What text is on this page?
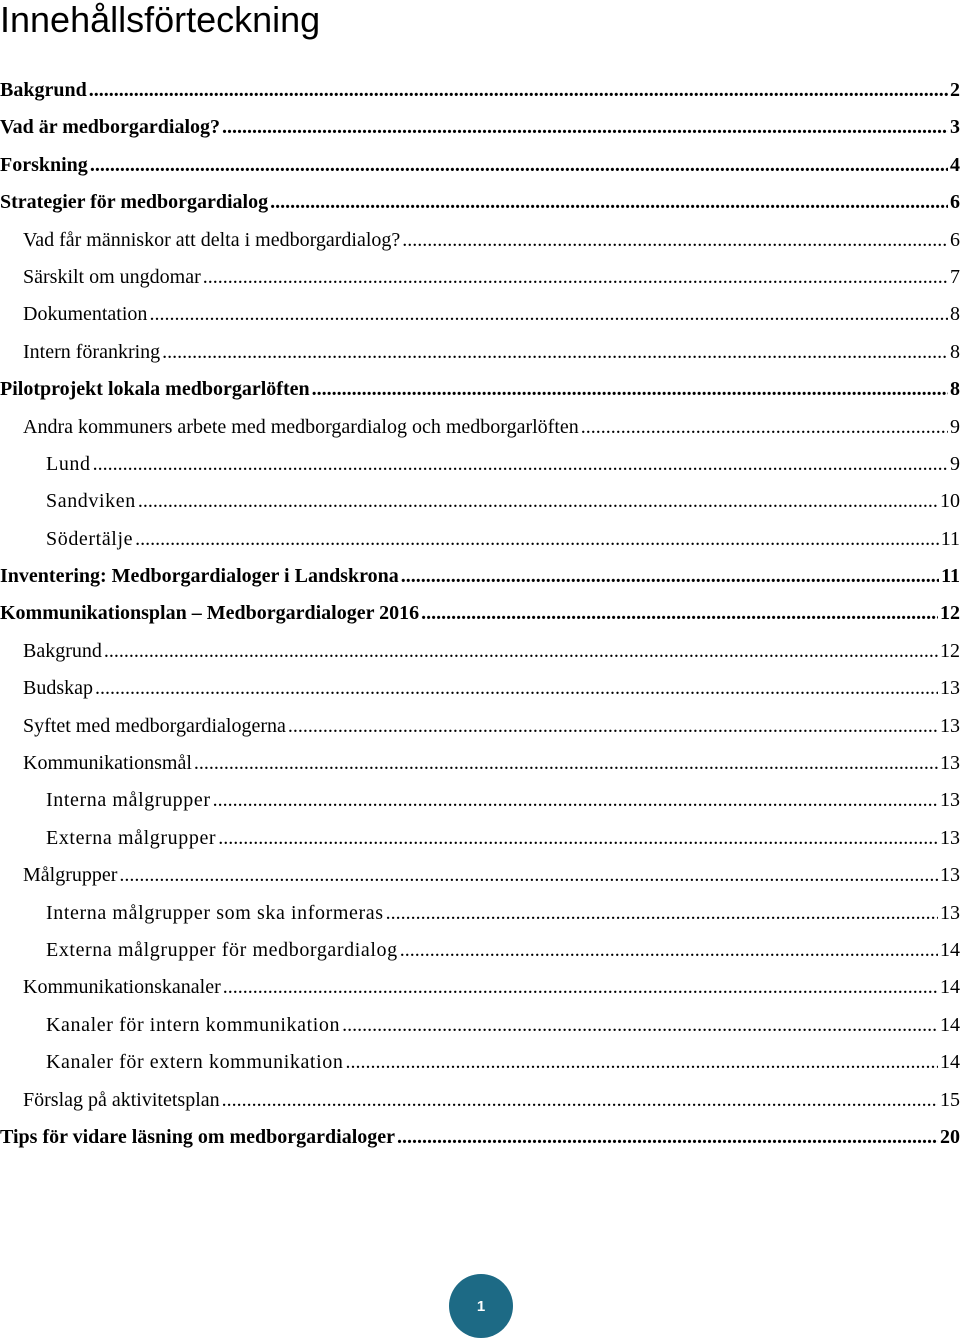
Innehållsförteckning
Bakgrund .....	2
Vad är medborgardialog? .....	3
Forskning .....	4
Strategier för medborgardialog .....	6
Vad får människor att delta i medborgardialog? .....	6
Särskilt om ungdomar .....	7
Dokumentation .....	8
Intern förankring .....	8
Pilotprojekt lokala medborgarlöften .....	8
Andra kommuners arbete med medborgardialog och medborgarlöften .....	9
Lund .....	9
Sandviken .....	10
Södertälje .....	11
Inventering: Medborgardialoger i Landskrona .....	11
Kommunikationsplan – Medborgardialoger 2016 .....	12
Bakgrund .....	12
Budskap .....	13
Syftet med medborgardialogerna .....	13
Kommunikationsmål .....	13
Interna målgrupper .....	13
Externa målgrupper .....	13
Målgrupper .....	13
Interna målgrupper som ska informeras .....	13
Externa målgrupper för medborgardialog .....	14
Kommunikationskanaler .....	14
Kanaler för intern kommunikation .....	14
Kanaler för extern kommunikation .....	14
Förslag på aktivitetsplan .....	15
Tips för vidare läsning om medborgardialoger .....	20
1
